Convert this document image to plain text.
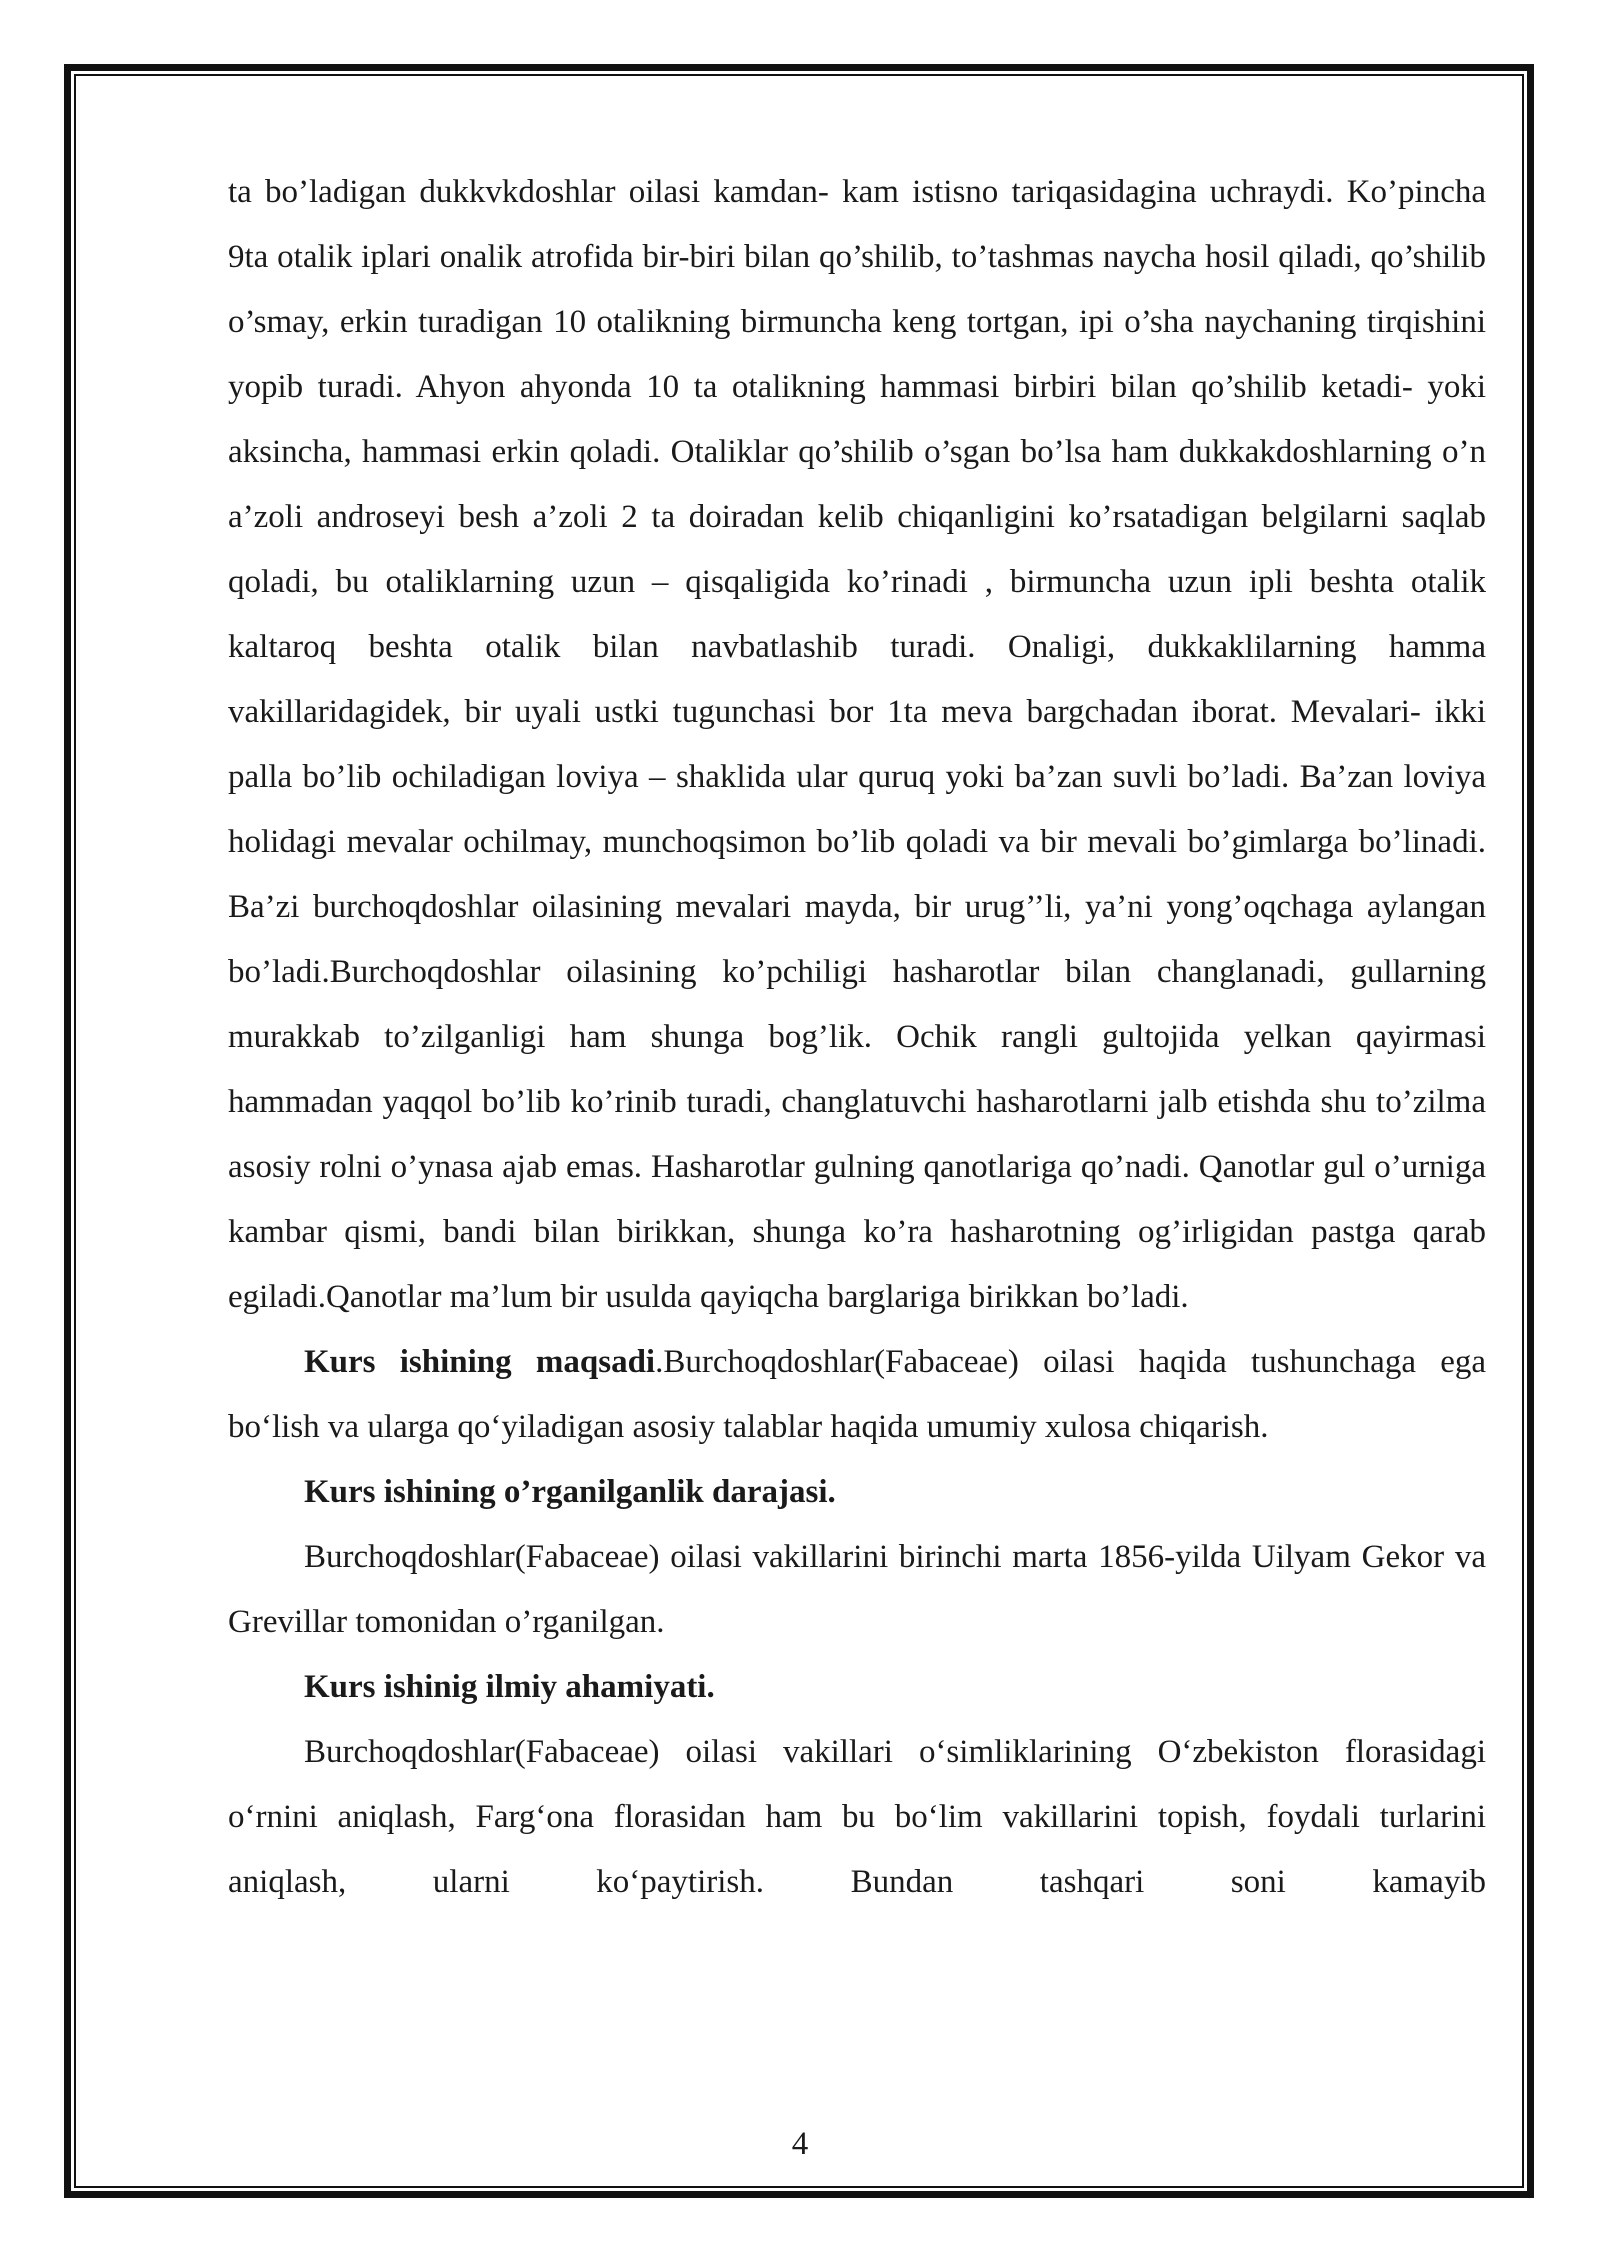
ta bo’ladigan dukkvkdoshlar oilasi kamdan- kam istisno tariqasidagina uchraydi. Ko’pincha 9ta otalik iplari onalik atrofida bir-biri bilan qo’shilib, to’tashmas naycha hosil qiladi, qo’shilib o’smay, erkin turadigan 10 otalikning birmuncha keng tortgan, ipi o’sha naychaning tirqishini yopib turadi. Ahyon ahyonda 10 ta otalikning hammasi birbiri bilan qo’shilib ketadi- yoki aksincha, hammasi erkin qoladi. Otaliklar qo’shilib o’sgan bo’lsa ham dukkakdoshlarning o’n a’zoli androseyi besh a’zoli 2 ta doiradan kelib chiqanligini ko’rsatadigan belgilarni saqlab qoladi, bu otaliklarning uzun – qisqaligida ko’rinadi , birmuncha uzun ipli beshta otalik kaltaroq beshta otalik bilan navbatlashib turadi. Onaligi, dukkaklilarning hamma vakillaridagidek, bir uyali ustki tugunchasi bor 1ta meva bargchadan iborat. Mevalari- ikki palla bo’lib ochiladigan loviya – shaklida ular quruq yoki ba’zan suvli bo’ladi. Ba’zan loviya holidagi mevalar ochilmay, munchoqsimon bo’lib qoladi va bir mevali bo’gimlarga bo’linadi. Ba’zi burchoqdoshlar oilasining mevalari mayda, bir urug’’li, ya’ni yong’oqchaga aylangan bo’ladi.Burchoqdoshlar oilasining ko’pchiligi hasharotlar bilan changlanadi, gullarning murakkab to’zilganligi ham shunga bog’lik. Ochik rangli gultojida yelkan qayirmasi hammadan yaqqol bo’lib ko’rinib turadi, changlatuvchi hasharotlarni jalb etishda shu to’zilma asosiy rolni o’ynasa ajab emas. Hasharotlar gulning qanotlariga qo’nadi. Qanotlar gul o’urniga kambar qismi, bandi bilan birikkan, shunga ko’ra hasharotning og’irligidan pastga qarab egiladi.Qanotlar ma’lum bir usulda qayiqcha barglariga birikkan bo’ladi.

Kurs ishining maqsadi.Burchoqdoshlar(Fabaceae) oilasi haqida tushunchaga ega bo‘lish va ularga qo‘yiladigan asosiy talablar haqida umumiy xulosa chiqarish.

Kurs ishining o’rganilganlik darajasi.

Burchoqdoshlar(Fabaceae) oilasi vakillarini birinchi marta 1856-yilda Uilyam Gekor va Grevillar tomonidan o’rganilgan.

Kurs ishinig ilmiy ahamiyati.

Burchoqdoshlar(Fabaceae) oilasi vakillari o‘simliklarining O‘zbekiston florasidagi o‘rnini aniqlash, Farg‘ona florasidan ham bu bo‘lim vakillarini topish, foydali turlarini aniqlash, ularni ko‘paytirish. Bundan tashqari soni kamayib

4
